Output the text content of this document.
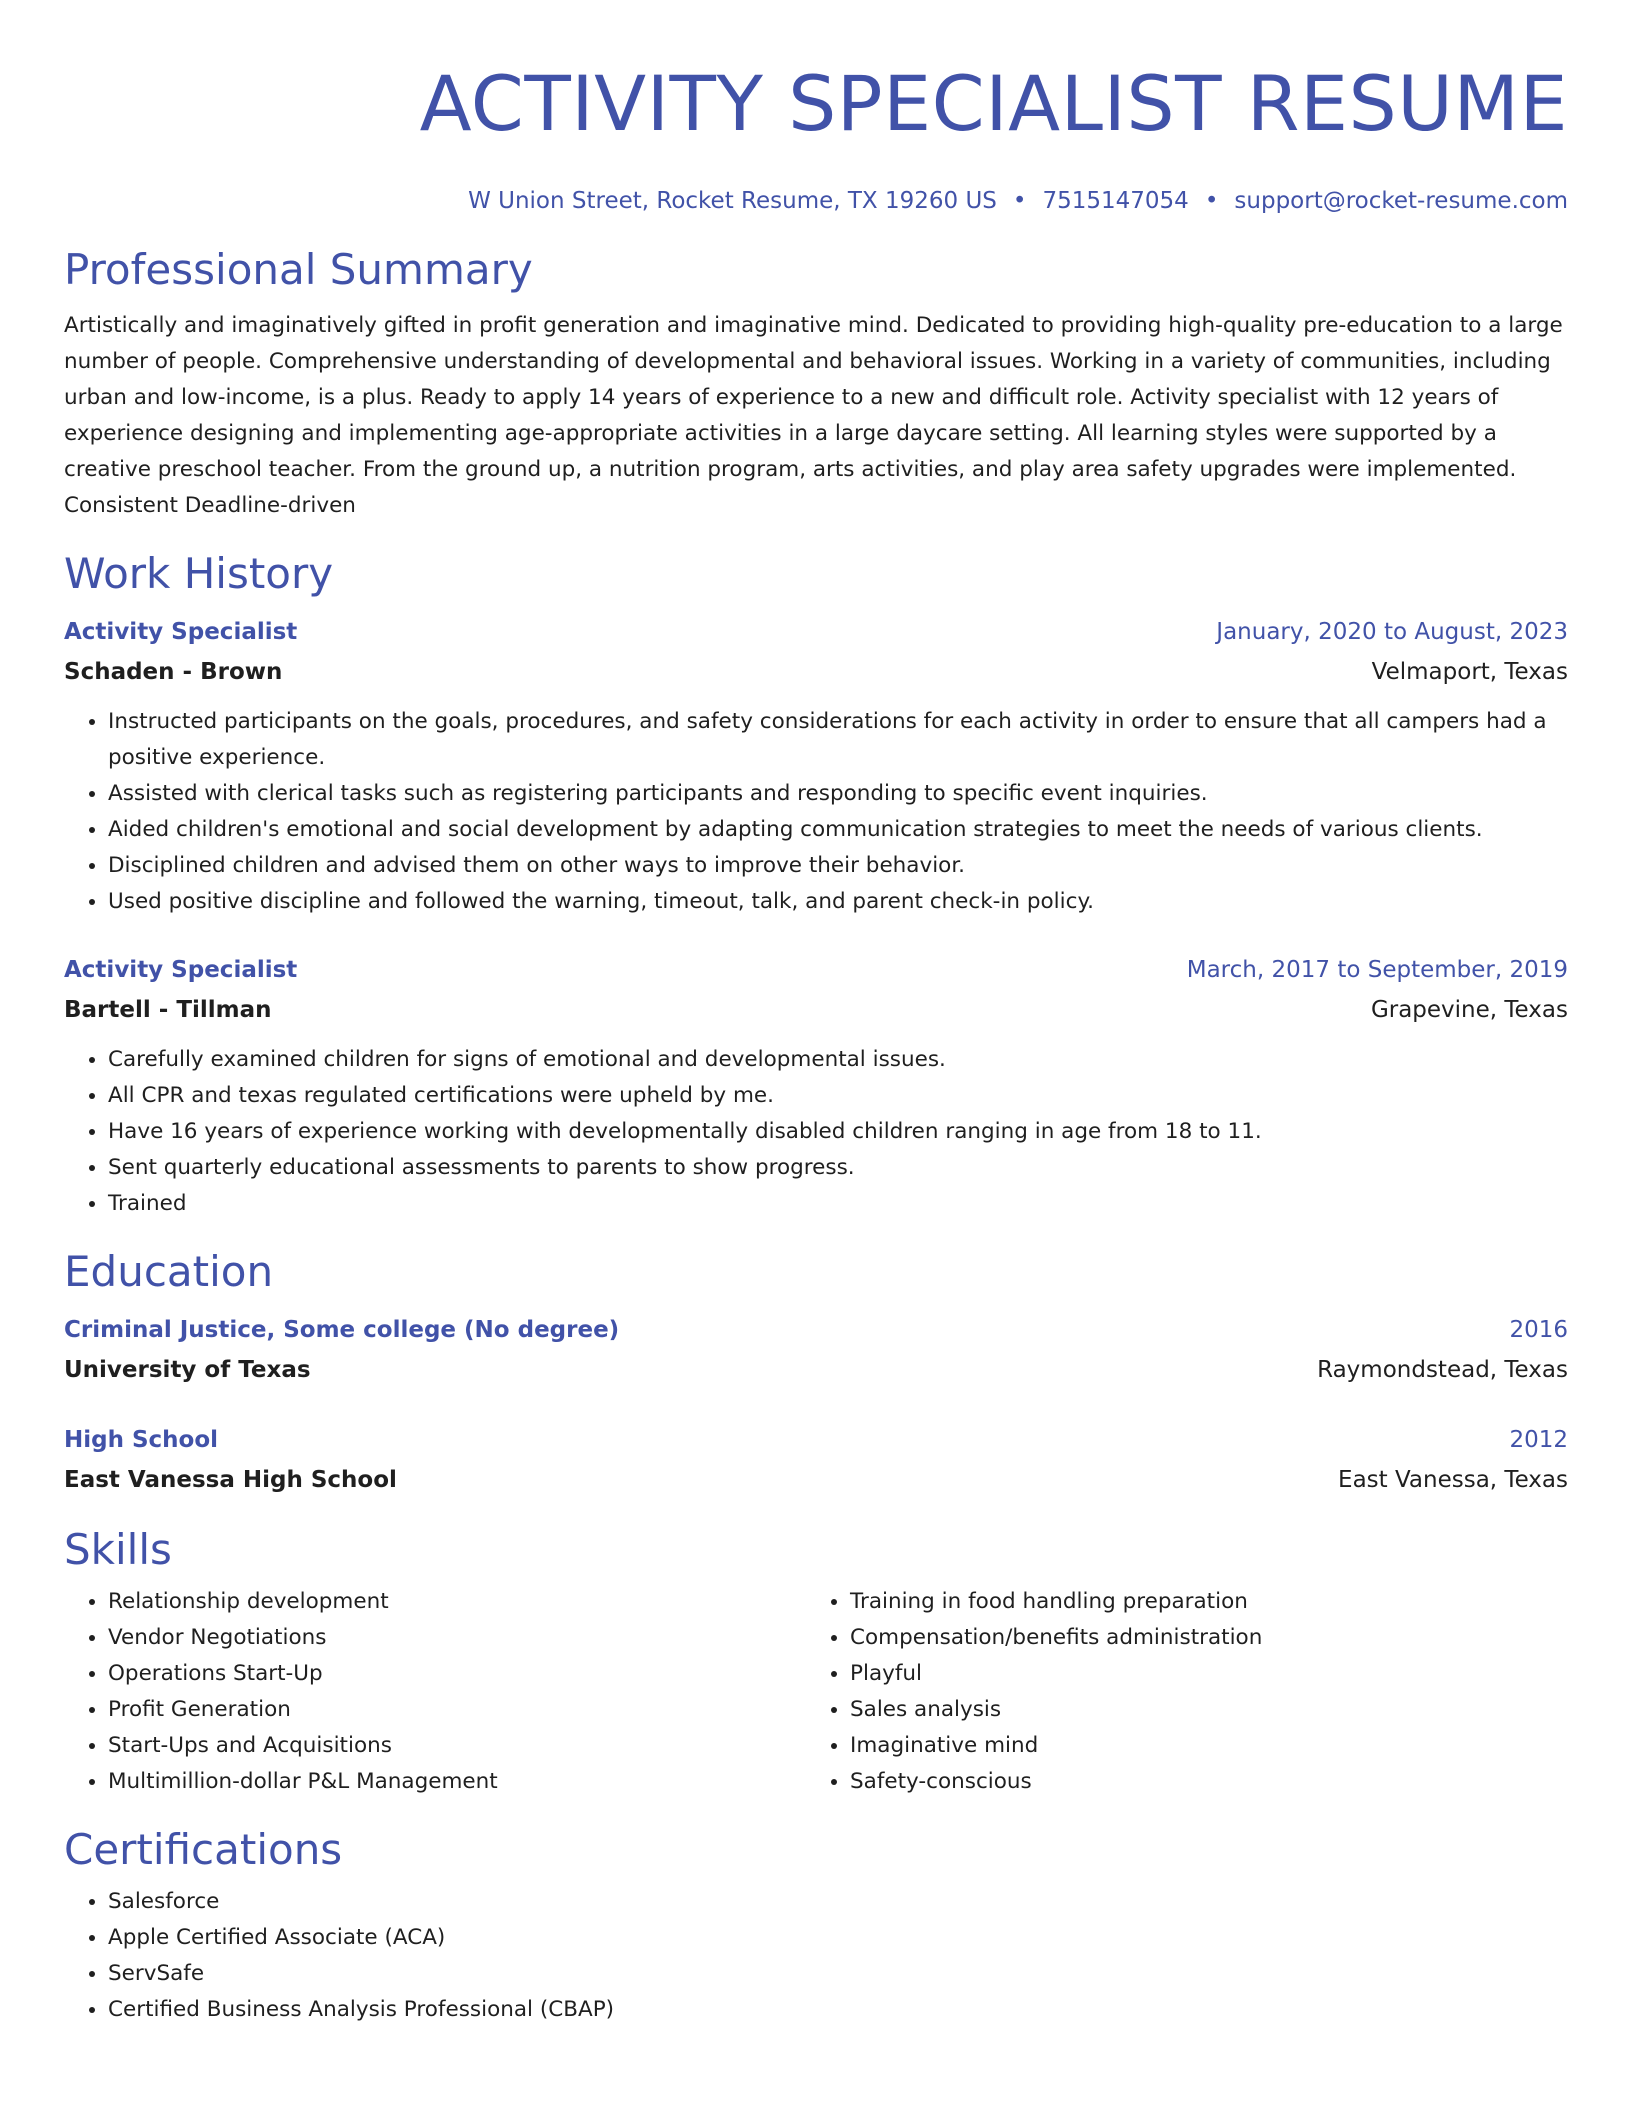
ACTIVITY SPECIALIST RESUME
W Union Street, Rocket Resume, TX 19260 US • 7515147054 • support@rocket-resume.com
Professional Summary

Artistically and imaginatively gifted in profit generation and imaginative mind. Dedicated to providing high-quality pre-education to a large number of people. Comprehensive understanding of developmental and behavioral issues. Working in a variety of communities, including urban and low-income, is a plus. Ready to apply 14 years of experience to a new and difficult role. Activity specialist with 12 years of experience designing and implementing age-appropriate activities in a large daycare setting. All learning styles were supported by a creative preschool teacher. From the ground up, a nutrition program, arts activities, and play area safety upgrades were implemented. Consistent Deadline-driven

Work History
Activity Specialist	January, 2020 to August, 2023
Schaden - Brown	Velmaport, Texas
• Instructed participants on the goals, procedures, and safety considerations for each activity in order to ensure that all campers had a positive experience.
• Assisted with clerical tasks such as registering participants and responding to specific event inquiries.
• Aided children's emotional and social development by adapting communication strategies to meet the needs of various clients.
• Disciplined children and advised them on other ways to improve their behavior.
• Used positive discipline and followed the warning, timeout, talk, and parent check-in policy.
Activity Specialist	March, 2017 to September, 2019
Bartell - Tillman	Grapevine, Texas
• Carefully examined children for signs of emotional and developmental issues.
• All CPR and texas regulated certifications were upheld by me.
• Have 16 years of experience working with developmentally disabled children ranging in age from 18 to 11.
• Sent quarterly educational assessments to parents to show progress.
• Trained
Education
Criminal Justice, Some college (No degree)	2016
University of Texas	Raymondstead, Texas
High School	2012
East Vanessa High School	East Vanessa, Texas
Skills
• Relationship development
• Vendor Negotiations
• Operations Start-Up
• Profit Generation
• Start-Ups and Acquisitions
• Multimillion-dollar P&L Management
• Training in food handling preparation
• Compensation/benefits administration
• Playful
• Sales analysis
• Imaginative mind
• Safety-conscious
Certifications
• Salesforce
• Apple Certified Associate (ACA)
• ServSafe
• Certified Business Analysis Professional (CBAP)
